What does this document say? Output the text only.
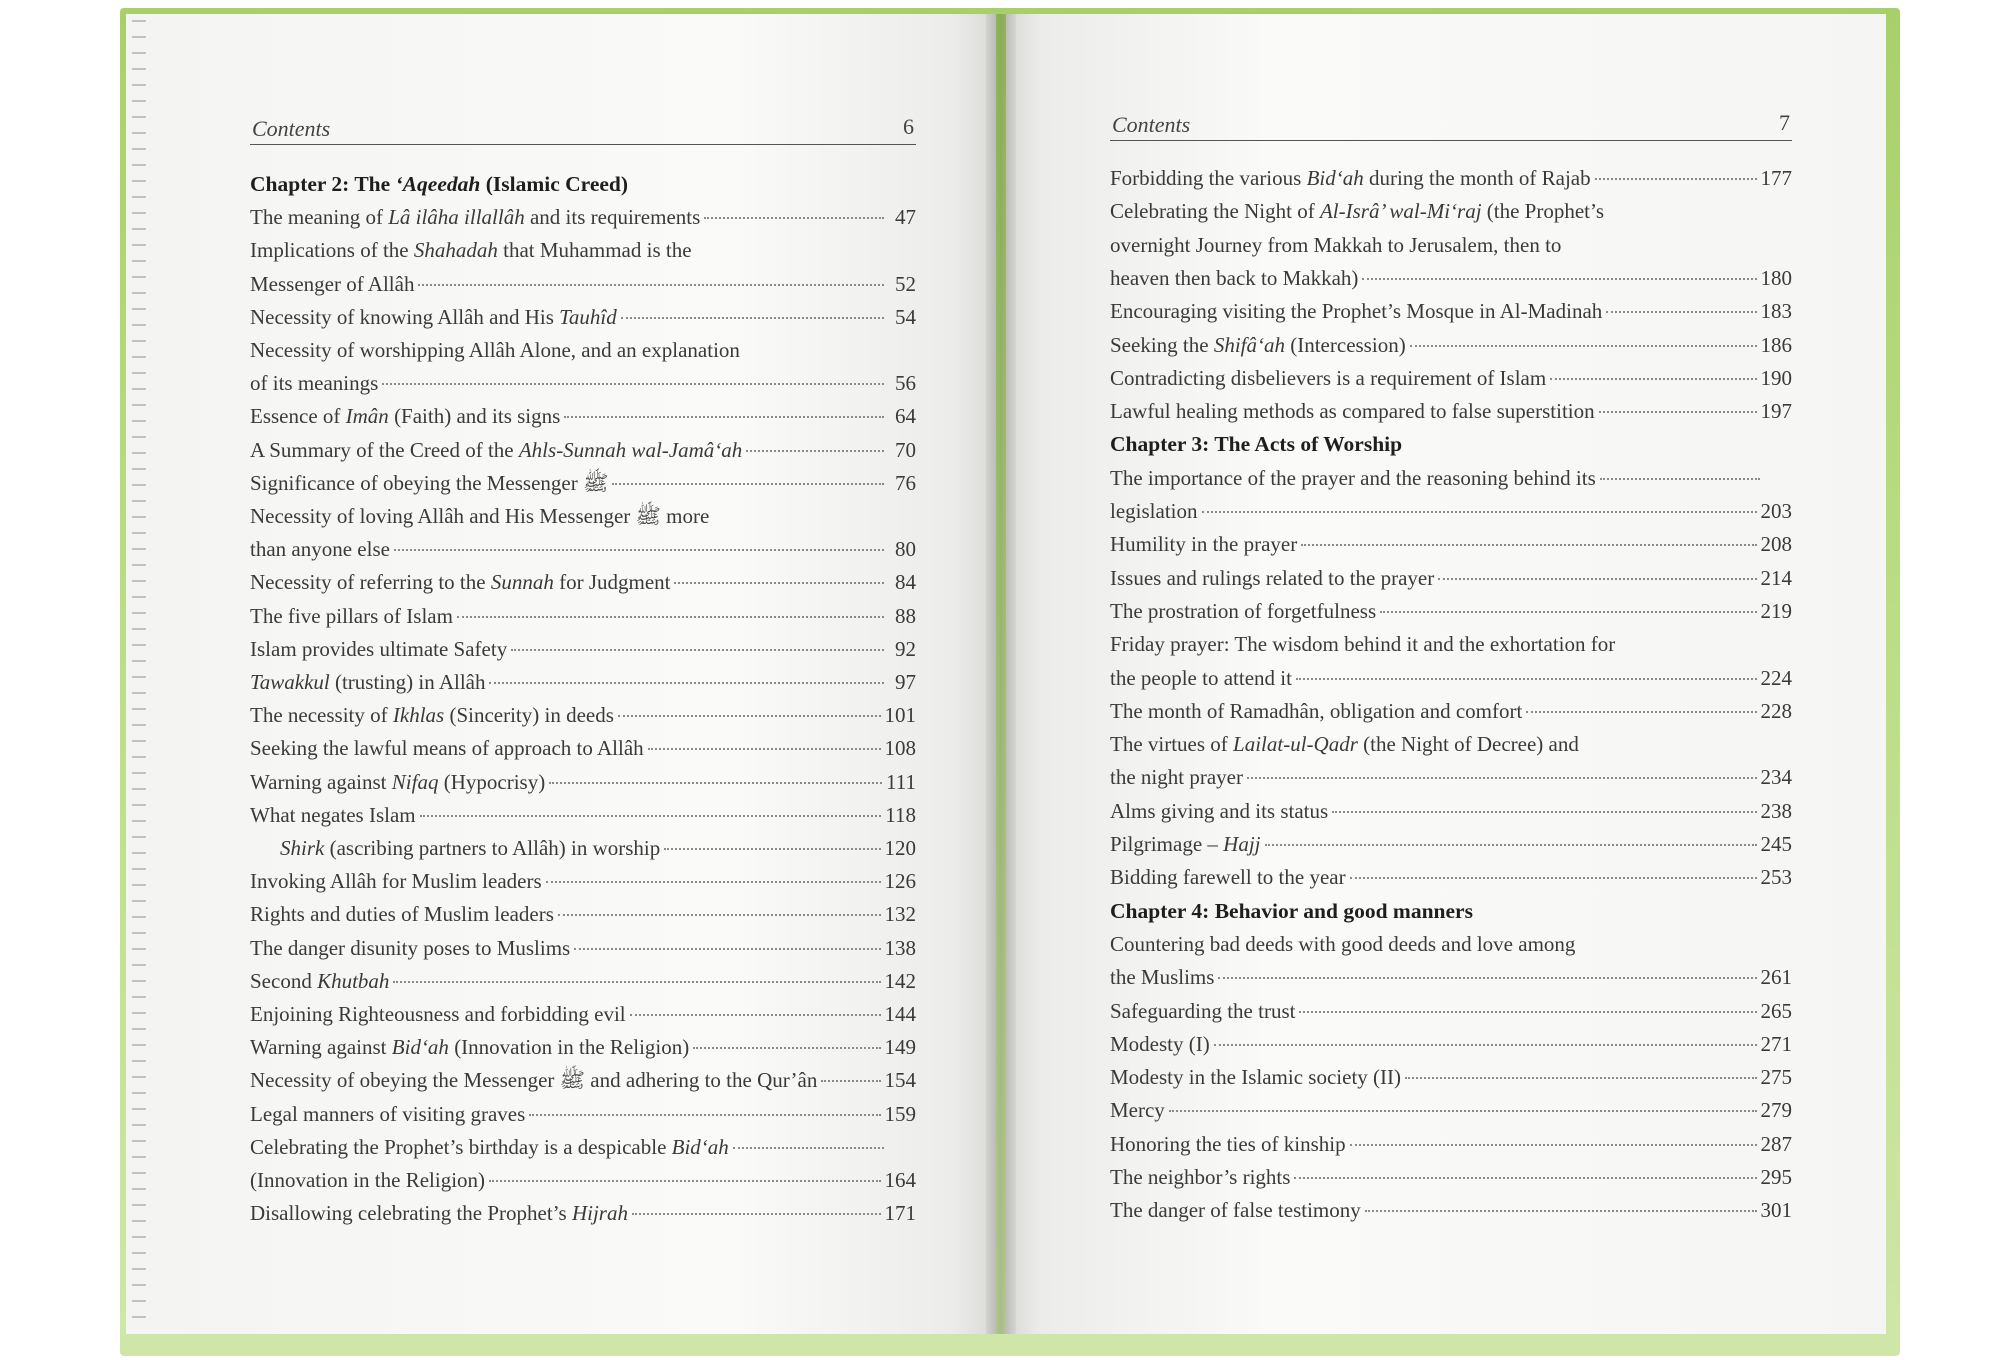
Contents	6
Chapter 2: The ‘Aqeedah (Islamic Creed)
The meaning of Lâ ilâha illallâh and its requirements	47
Implications of the Shahadah that Muhammad is the
Messenger of Allâh	52
Necessity of knowing Allâh and His Tauhîd	54
Necessity of worshipping Allâh Alone, and an explanation
of its meanings	56
Essence of Imân (Faith) and its signs	64
A Summary of the Creed of the Ahls-Sunnah wal-Jamâ‘ah	70
Significance of obeying the Messenger ﷺ	76
Necessity of loving Allâh and His Messenger ﷺ more
than anyone else	80
Necessity of referring to the Sunnah for Judgment	84
The five pillars of Islam	88
Islam provides ultimate Safety	92
Tawakkul (trusting) in Allâh	97
The necessity of Ikhlas (Sincerity) in deeds	101
Seeking the lawful means of approach to Allâh	108
Warning against Nifaq (Hypocrisy)	111
What negates Islam	118
Shirk (ascribing partners to Allâh) in worship	120
Invoking Allâh for Muslim leaders	126
Rights and duties of Muslim leaders	132
The danger disunity poses to Muslims	138
Second Khutbah	142
Enjoining Righteousness and forbidding evil	144
Warning against Bid‘ah (Innovation in the Religion)	149
Necessity of obeying the Messenger ﷺ and adhering to the Qur’ân	154
Legal manners of visiting graves	159
Celebrating the Prophet’s birthday is a despicable Bid‘ah
(Innovation in the Religion)	164
Disallowing celebrating the Prophet’s Hijrah	171
Contents	7
Forbidding the various Bid‘ah during the month of Rajab	177
Celebrating the Night of Al-Isrâ’ wal-Mi‘raj (the Prophet’s
overnight Journey from Makkah to Jerusalem, then to
heaven then back to Makkah)	180
Encouraging visiting the Prophet’s Mosque in Al-Madinah	183
Seeking the Shifâ‘ah (Intercession)	186
Contradicting disbelievers is a requirement of Islam	190
Lawful healing methods as compared to false superstition	197
Chapter 3: The Acts of Worship
The importance of the prayer and the reasoning behind its
legislation	203
Humility in the prayer	208
Issues and rulings related to the prayer	214
The prostration of forgetfulness	219
Friday prayer: The wisdom behind it and the exhortation for
the people to attend it	224
The month of Ramadhân, obligation and comfort	228
The virtues of Lailat-ul-Qadr (the Night of Decree) and
the night prayer	234
Alms giving and its status	238
Pilgrimage – Hajj	245
Bidding farewell to the year	253
Chapter 4: Behavior and good manners
Countering bad deeds with good deeds and love among
the Muslims	261
Safeguarding the trust	265
Modesty (I)	271
Modesty in the Islamic society (II)	275
Mercy	279
Honoring the ties of kinship	287
The neighbor’s rights	295
The danger of false testimony	301
